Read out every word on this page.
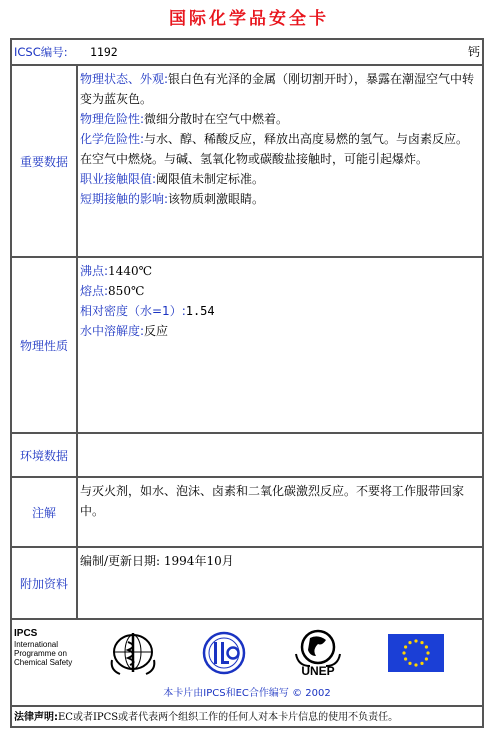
国际化学品安全卡
ICSC编号: 1192	钙
重要数据
物理状态、外观:银白色有光泽的金属（刚切割开时），暴露在潮湿空气中转变为蓝灰色。
物理危险性:微细分散时在空气中燃着。
化学危险性:与水、醇、稀酸反应，释放出高度易燃的氢气。与卤素反应。在空气中燃烧。与碱、氢氧化物或碳酸盐接触时，可能引起爆炸。
职业接触限值:阈限值未制定标准。
短期接触的影响:该物质刺激眼睛。
物理性质
沸点:1440℃
熔点:850℃
相对密度（水=1）:1.54
水中溶解度:反应
环境数据
注解
与灭火剂，如水、泡沫、卤素和二氧化碳激烈反应。不要将工作服带回家中。
附加资料
编制/更新日期: 1994年10月
IPCS
International
Programme on
Chemical Safety
UNEP
本卡片由IPCS和EC合作编写 © 2002
法律声明:EC或者IPCS或者代表两个组织工作的任何人对本卡片信息的使用不负责任。
